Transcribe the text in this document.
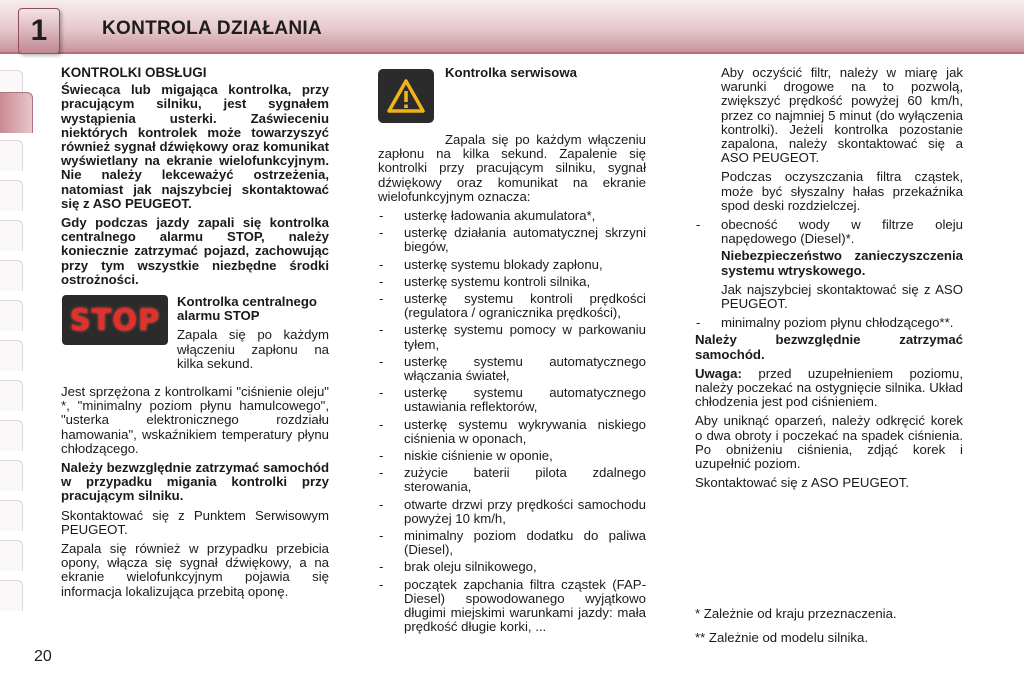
1	KONTROLA DZIAŁANIA
KONTROLKI OBSŁUGI

Świecąca lub migająca kontrolka, przy pracującym silniku, jest sygnałem wystąpienia usterki. Zaświeceniu niektórych kontrolek może towarzyszyć również sygnał dźwiękowy oraz komunikat wyświetlany na ekranie wielofunkcyjnym. Nie należy lekceważyć ostrzeżenia, natomiast jak najszybciej skontaktować się z ASO PEUGEOT.

Gdy podczas jazdy zapali się kontrolka centralnego alarmu STOP, należy koniecznie zatrzymać pojazd, zachowując przy tym wszystkie niezbędne środki ostrożności.

STOP
Kontrolka centralnego alarmu STOP
Zapala się po każdym włączeniu zapłonu na kilka sekund.

Jest sprzężona z kontrolkami "ciśnienie oleju" *, "minimalny poziom płynu hamulcowego", "usterka elektronicznego rozdziału hamowania", wskaźnikiem temperatury płynu chłodzącego.

Należy bezwzględnie zatrzymać samochód w przypadku migania kontrolki przy pracującym silniku.

Skontaktować się z Punktem Serwisowym PEUGEOT.

Zapala się również w przypadku przebicia opony, włącza się sygnał dźwiękowy, a na ekranie wielofunkcyjnym pojawia się informacja lokalizująca przebitą oponę.

Kontrolka serwisowa

Zapala się po każdym włączeniu zapłonu na kilka sekund. Zapalenie się kontrolki przy pracującym silniku, sygnał dźwiękowy oraz komunikat na ekranie wielofunkcyjnym oznacza:

- usterkę ładowania akumulatora*,
- usterkę działania automatycznej skrzyni biegów,
- usterkę systemu blokady zapłonu,
- usterkę systemu kontroli silnika,
- usterkę systemu kontroli prędkości (regulatora / ogranicznika prędkości),
- usterkę systemu pomocy w parkowaniu tyłem,
- usterkę systemu automatycznego włączania świateł,
- usterkę systemu automatycznego ustawiania reflektorów,
- usterkę systemu wykrywania niskiego ciśnienia w oponach,
- niskie ciśnienie w oponie,
- zużycie baterii pilota zdalnego sterowania,
- otwarte drzwi przy prędkości samochodu powyżej 10 km/h,
- minimalny poziom dodatku do paliwa (Diesel),
- brak oleju silnikowego,
- początek zapchania filtra cząstek (FAP-Diesel) spowodowanego wyjątkowo długimi miejskimi warunkami jazdy: mała prędkość długie korki, ...

Aby oczyścić filtr, należy w miarę jak warunki drogowe na to pozwolą, zwiększyć prędkość powyżej 60 km/h, przez co najmniej 5 minut (do wyłączenia kontrolki). Jeżeli kontrolka pozostanie zapalona, należy skontaktować się a ASO PEUGEOT.

Podczas oczyszczania filtra cząstek, może być słyszalny hałas przekaźnika spod deski rozdzielczej.

- obecność wody w filtrze oleju napędowego (Diesel)*.

Niebezpieczeństwo zanieczyszczenia systemu wtryskowego.

Jak najszybciej skontaktować się z ASO PEUGEOT.

- minimalny poziom płynu chłodzącego**.

Należy bezwzględnie zatrzymać samochód.

Uwaga: przed uzupełnieniem poziomu, należy poczekać na ostygnięcie silnika. Układ chłodzenia jest pod ciśnieniem.

Aby uniknąć oparzeń, należy odkręcić korek o dwa obroty i poczekać na spadek ciśnienia. Po obniżeniu ciśnienia, zdjąć korek i uzupełnić poziom.

Skontaktować się z ASO PEUGEOT.

* Zależnie od kraju przeznaczenia.
** Zależnie od modelu silnika.
20
